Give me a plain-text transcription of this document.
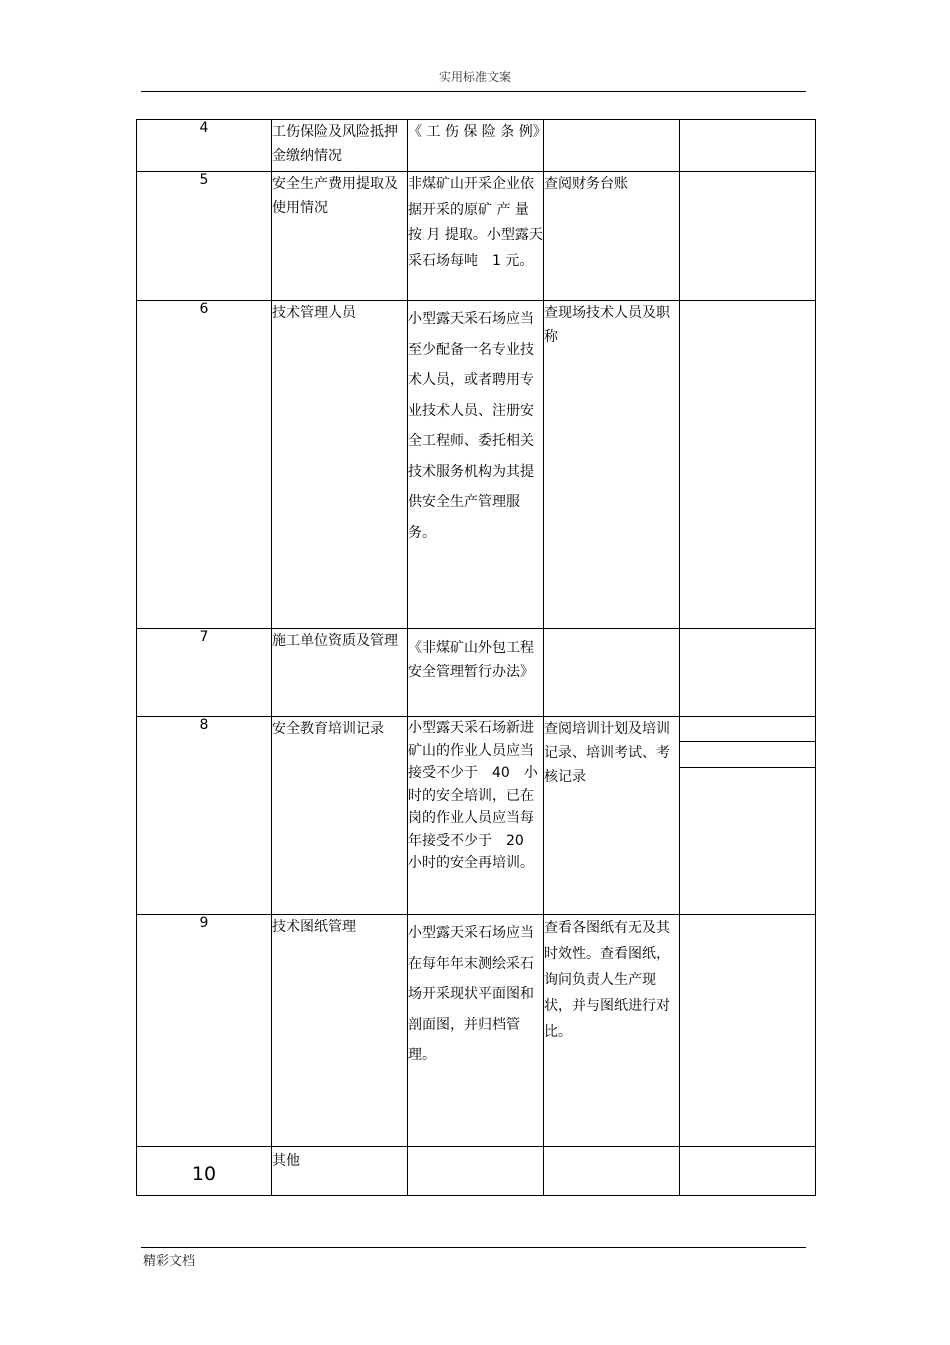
实用标准文案
4	工伤保险及风险抵押金缴纳情况	《 工 伤 保 险 条 例》		
5	安全生产费用提取及使用情况	非煤矿山开采企业依据开采的原矿 产 量 按 月 提取。小型露天采石场每吨　1 元。	查阅财务台账	
6	技术管理人员	小型露天采石场应当至少配备一名专业技术人员，或者聘用专业技术人员、注册安全工程师、委托相关技术服务机构为其提供安全生产管理服务。	查现场技术人员及职称	
7	施工单位资质及管理	《非煤矿山外包工程安全管理暂行办法》		
8	安全教育培训记录	小型露天采石场新进矿山的作业人员应当接受不少于　40　小时的安全培训，已在岗的作业人员应当每年接受不少于　20　小时的安全再培训。	查阅培训计划及培训记录、培训考试、考核记录	

9	技术图纸管理	小型露天采石场应当在每年年末测绘采石场开采现状平面图和剖面图，并归档管理。	查看各图纸有无及其时效性。查看图纸，询问负责人生产现状，并与图纸进行对比。	

10	其他			
精彩文档
